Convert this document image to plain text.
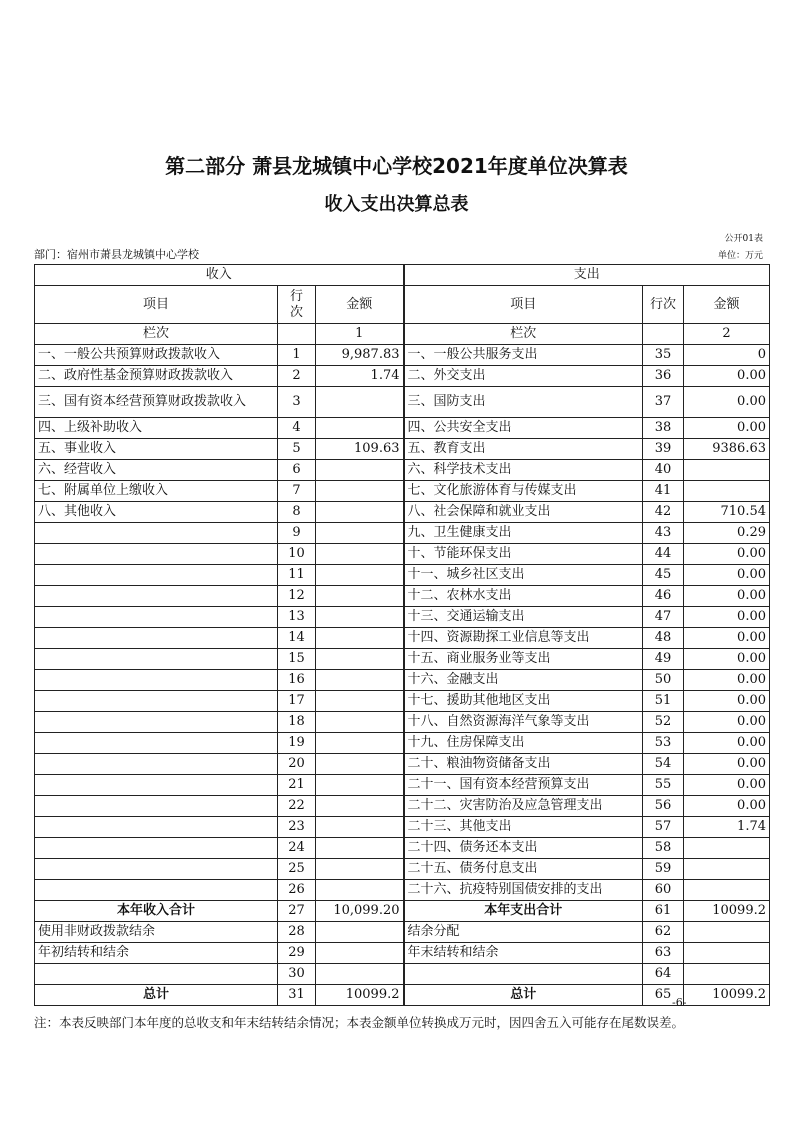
第二部分 萧县龙城镇中心学校2021年度单位决算表
收入支出决算总表
公开01表
部门：宿州市萧县龙城镇中心学校	单位：万元
收入			支出		
项目	行次	金额	项目	行次	金额
栏次		1	栏次		2
一、一般公共预算财政拨款收入	1	9,987.83	一、一般公共服务支出	35	0
二、政府性基金预算财政拨款收入	2	1.74	二、外交支出	36	0.00
三、国有资本经营预算财政拨款收入	3		三、国防支出	37	0.00
四、上级补助收入	4		四、公共安全支出	38	0.00
五、事业收入	5	109.63	五、教育支出	39	9386.63
六、经营收入	6		六、科学技术支出	40	
七、附属单位上缴收入	7		七、文化旅游体育与传媒支出	41	
八、其他收入	8		八、社会保障和就业支出	42	710.54
	9		九、卫生健康支出	43	0.29
	10		十、节能环保支出	44	0.00
	11		十一、城乡社区支出	45	0.00
	12		十二、农林水支出	46	0.00
	13		十三、交通运输支出	47	0.00
	14		十四、资源勘探工业信息等支出	48	0.00
	15		十五、商业服务业等支出	49	0.00
	16		十六、金融支出	50	0.00
	17		十七、援助其他地区支出	51	0.00
	18		十八、自然资源海洋气象等支出	52	0.00
	19		十九、住房保障支出	53	0.00
	20		二十、粮油物资储备支出	54	0.00
	21		二十一、国有资本经营预算支出	55	0.00
	22		二十二、灾害防治及应急管理支出	56	0.00
	23		二十三、其他支出	57	1.74
	24		二十四、债务还本支出	58	
	25		二十五、债务付息支出	59	
	26		二十六、抗疫特别国债安排的支出	60	
本年收入合计	27	10,099.20	本年支出合计	61	10099.2
使用非财政拨款结余	28		结余分配	62	
年初结转和结余	29		年末结转和结余	63	
	30			64	
总计	31	10099.2	总计	65	10099.2
注：本表反映部门本年度的总收支和年末结转结余情况；本表金额单位转换成万元时，因四舍五入可能存在尾数误差。
-6-
